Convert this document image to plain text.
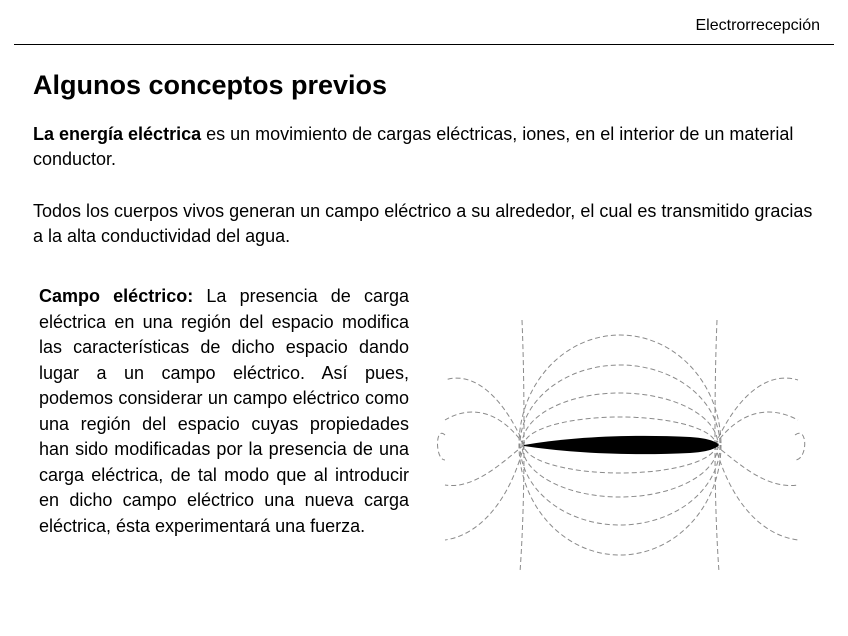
Electrorrecepción
Algunos conceptos previos

La energía eléctrica es un movimiento de cargas eléctricas, iones, en el interior de un material conductor.

Todos los cuerpos vivos generan un campo eléctrico a su alrededor, el cual es transmitido gracias a la alta conductividad del agua.

Campo eléctrico: La presencia de carga eléctrica en una región del espacio modifica las características de dicho espacio dando lugar a un campo eléctrico. Así pues, podemos considerar un campo eléctrico como una región del espacio cuyas propiedades han sido modificadas por la presencia de una carga eléctrica, de tal modo que al introducir en dicho campo eléctrico una nueva carga eléctrica, ésta experimentará una fuerza.
